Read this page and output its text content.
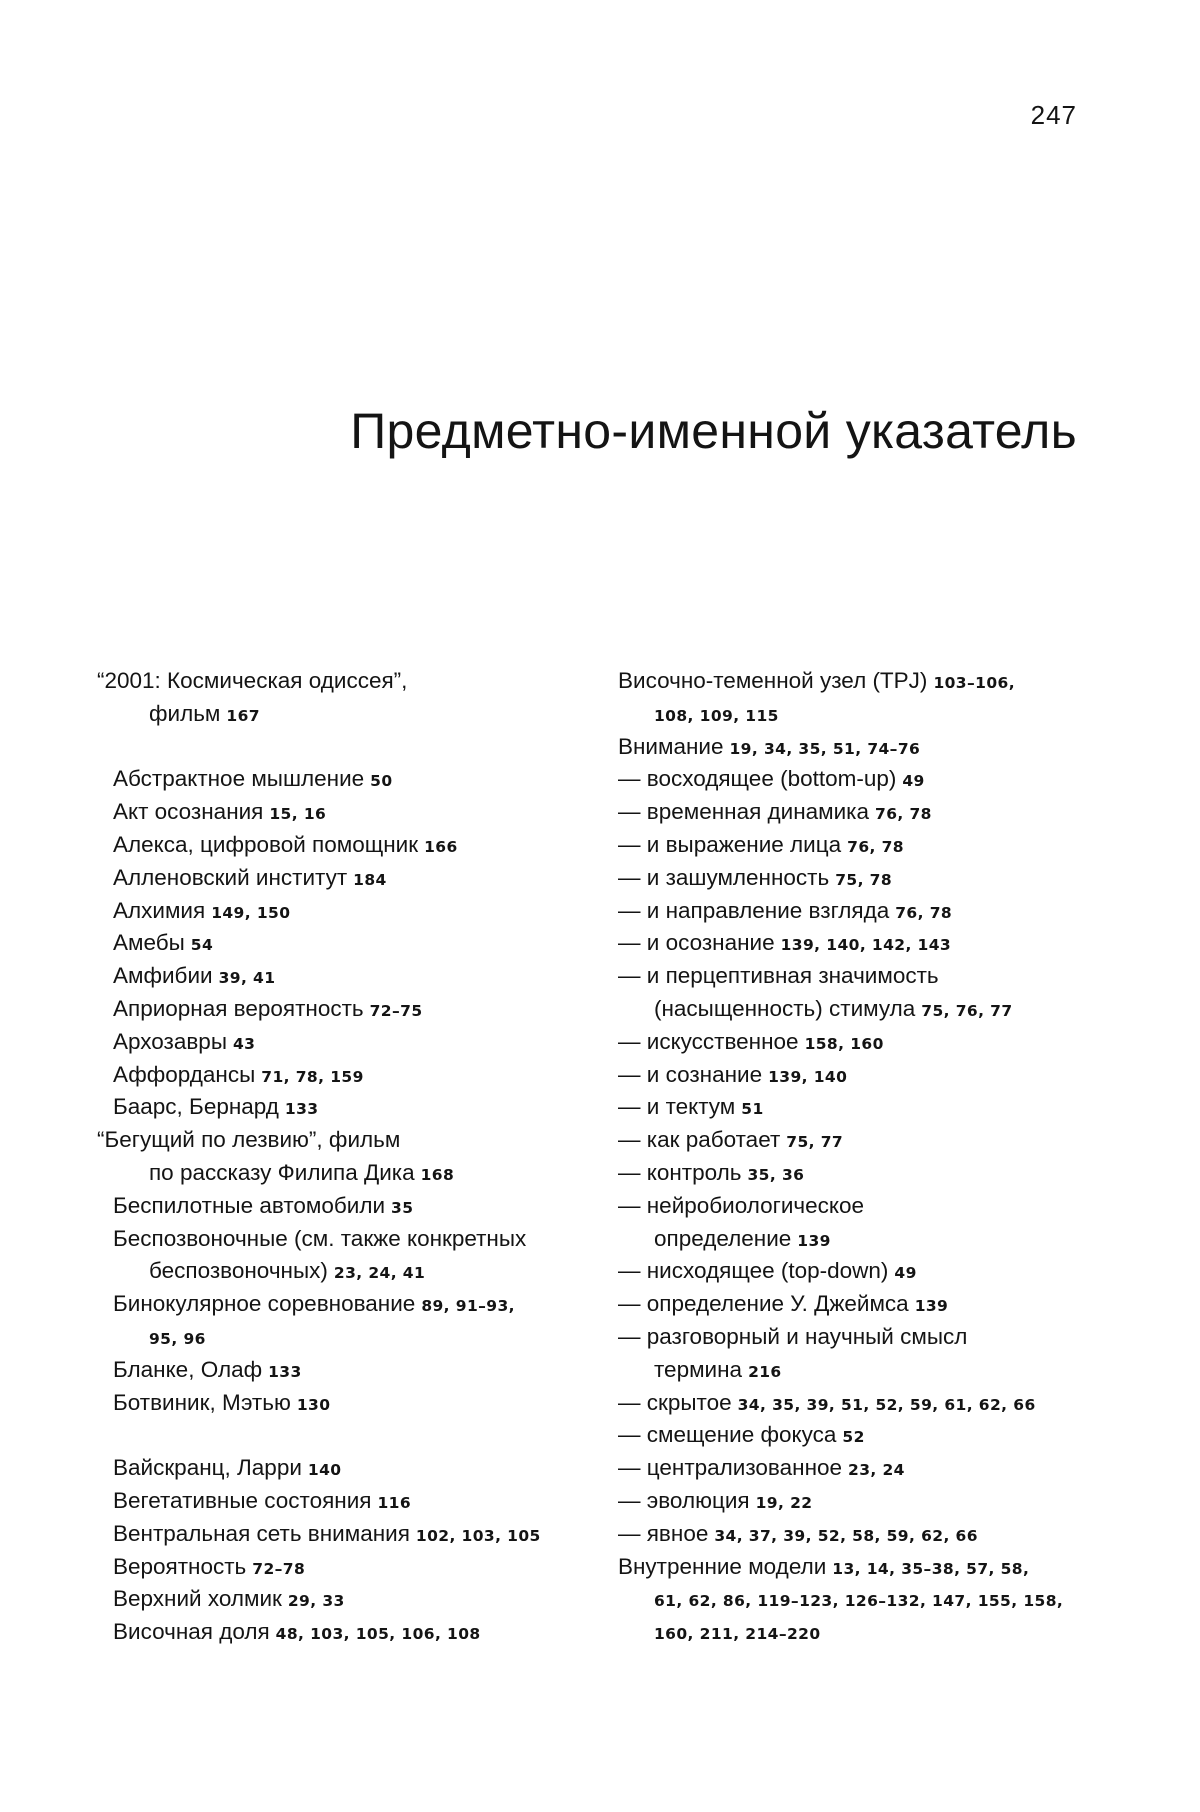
247
Предметно-именной указатель
“2001: Космическая одиссея”,
фильм 167
Абстрактное мышление 50
Акт осознания 15, 16
Алекса, цифровой помощник 166
Алленовский институт 184
Алхимия 149, 150
Амебы 54
Амфибии 39, 41
Априорная вероятность 72–75
Архозавры 43
Аффордансы 71, 78, 159
Баарс, Бернард 133
“Бегущий по лезвию”, фильм
по рассказу Филипа Дика 168
Беспилотные автомобили 35
Беспозвоночные (см. также конкретных
беспозвоночных) 23, 24, 41
Бинокулярное соревнование 89, 91–93,
95, 96
Бланке, Олаф 133
Ботвиник, Мэтью 130
Вайскранц, Ларри 140
Вегетативные состояния 116
Вентральная сеть внимания 102, 103, 105
Вероятность 72–78
Верхний холмик 29, 33
Височная доля 48, 103, 105, 106, 108
Височно-теменной узел (TPJ) 103–106,
108, 109, 115
Внимание 19, 34, 35, 51, 74–76
— восходящее (bottom-up) 49
— временная динамика 76, 78
— и выражение лица 76, 78
— и зашумленность 75, 78
— и направление взгляда 76, 78
— и осознание 139, 140, 142, 143
— и перцептивная значимость
(насыщенность) стимула 75, 76, 77
— искусственное 158, 160
— и сознание 139, 140
— и тектум 51
— как работает 75, 77
— контроль 35, 36
— нейробиологическое
определение 139
— нисходящее (top-down) 49
— определение У. Джеймса 139
— разговорный и научный смысл
термина 216
— скрытое 34, 35, 39, 51, 52, 59, 61, 62, 66
— смещение фокуса 52
— централизованное 23, 24
— эволюция 19, 22
— явное 34, 37, 39, 52, 58, 59, 62, 66
Внутренние модели 13, 14, 35–38, 57, 58,
61, 62, 86, 119–123, 126–132, 147, 155, 158,
160, 211, 214–220
